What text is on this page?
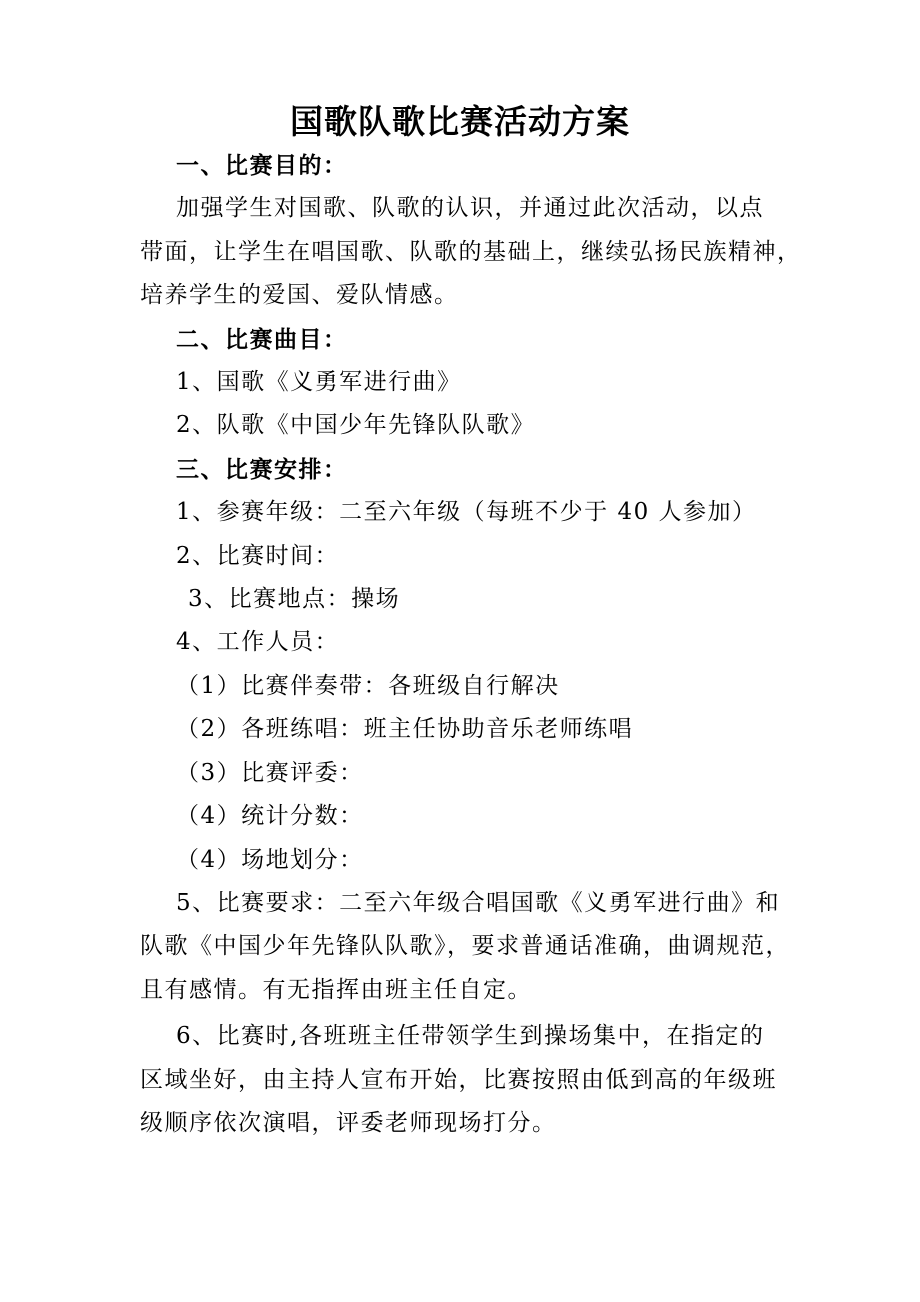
国歌队歌比赛活动方案

一、比赛目的：

加强学生对国歌、队歌的认识，并通过此次活动，以点

带面，让学生在唱国歌、队歌的基础上，继续弘扬民族精神，

培养学生的爱国、爱队情感。

二、比赛曲目：

1、国歌《义勇军进行曲》

2、队歌《中国少年先锋队队歌》

三、比赛安排：

1、参赛年级：二至六年级（每班不少于 40 人参加）

2、比赛时间：

3、比赛地点：操场

4、工作人员：

（1）比赛伴奏带：各班级自行解决

（2）各班练唱：班主任协助音乐老师练唱

（3）比赛评委：

（4）统计分数：

（4）场地划分：

5、比赛要求：二至六年级合唱国歌《义勇军进行曲》和

队歌《中国少年先锋队队歌》，要求普通话准确，曲调规范，

且有感情。有无指挥由班主任自定。

6、比赛时,各班班主任带领学生到操场集中，在指定的

区域坐好，由主持人宣布开始，比赛按照由低到高的年级班

级顺序依次演唱，评委老师现场打分。
